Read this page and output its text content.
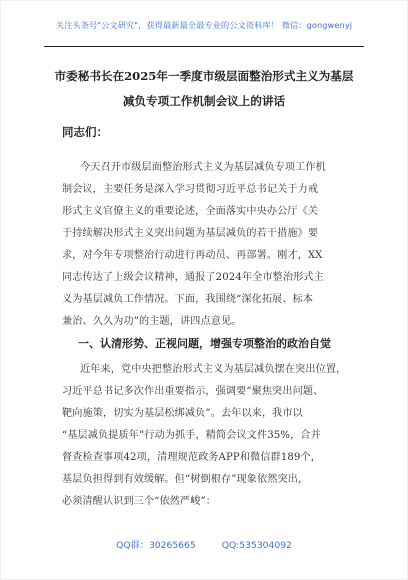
关注头条号"公文研究"，获得最新最全最专业的公文资料库！ 微信：gongwenyj
市委秘书长在2025年一季度市级层面整治形式主义为基层
减负专项工作机制会议上的讲话
同志们：
今天召开市级层面整治形式主义为基层减负专项工作机
制会议，主要任务是深入学习贯彻习近平总书记关于力戒
形式主义官僚主义的重要论述，全面落实中央办公厅《关
于持续解决形式主义突出问题为基层减负的若干措施》要
求，对今年专项整治行动进行再动员、再部署。刚才，XX
同志传达了上级会议精神，通报了2024年全市整治形式主
义为基层减负工作情况。下面，我围绕“深化拓展、标本
兼治、久久为功”的主题，讲四点意见。
一、认清形势、正视问题，增强专项整治的政治自觉
近年来，党中央把整治形式主义为基层减负摆在突出位置，
习近平总书记多次作出重要指示，强调要“聚焦突出问题、
靶向施策，切实为基层松绑减负”。去年以来，我市以
“基层减负提质年”行动为抓手，精简会议文件35%，合并
督查检查事项42项，清理规范政务APP和微信群189个，
基层负担得到有效缓解。但“树倒根存”现象依然突出，
必须清醒认识到三个“依然严峻”：
QQ群：30265665	QQ:535304092
